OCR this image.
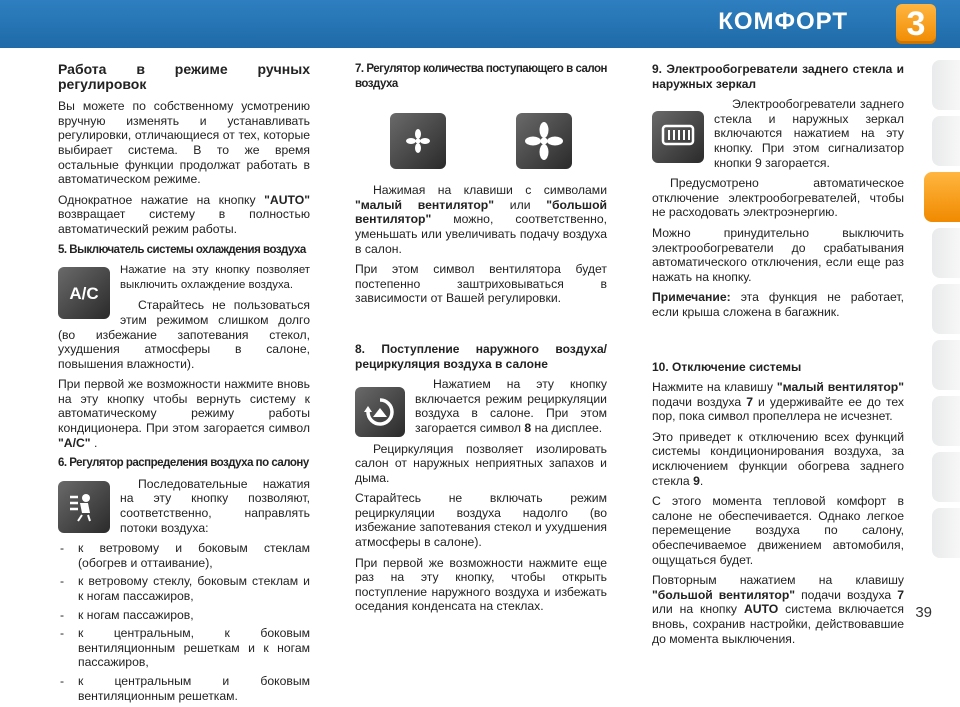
КОМФОРТ	3
Работа в режиме ручных регулировок

Вы можете по собственному усмотрению вручную изменять и устанавливать регулировки, отличающиеся от тех, которые выбирает система. В то же время остальные функции продолжат работать в автоматическом режиме.

Однократное нажатие на кнопку "AUTO" возвращает систему в полностью автоматический режим работы.

5. Выключатель системы охлаждения воздуха
A/C

Нажатие на эту кнопку позволяет выключить охлаждение воздуха.

Старайтесь не пользоваться этим режимом слишком долго (во избежание запотевания стекол, ухудшения атмосферы в салоне, повышения влажности).

При первой же возможности нажмите вновь на эту кнопку чтобы вернуть систему к автоматическому режиму работы кондиционера. При этом загорается символ "A/C" .

6. Регулятор распределения воздуха по салону

Последовательные нажатия на эту кнопку позволяют, соответственно, направлять потоки воздуха:

- к ветровому и боковым стеклам (обогрев и оттаивание),
- к ветровому стеклу, боковым стеклам и к ногам пассажиров,
- к ногам пассажиров,
- к центральным, к боковым вентиляционным решеткам и к ногам пассажиров,
- к центральным и боковым вентиляционным решеткам.
7. Регулятор количества поступающего в салон воздуха

Нажимая на клавиши с символами "малый вентилятор" или "большой вентилятор" можно, соответственно, уменьшать или увеличивать подачу воздуха в салон.

При этом символ вентилятора будет постепенно заштриховываться в зависимости от Вашей регулировки.

8. Поступление наружного воздуха/рециркуляция воздуха в салоне

Нажатием на эту кнопку включается режим рециркуляции воздуха в салоне. При этом загорается символ 8 на дисплее.

Рециркуляция позволяет изолировать салон от наружных неприятных запахов и дыма.

Старайтесь не включать режим рециркуляции воздуха надолго (во избежание запотевания стекол и ухудшения атмосферы в салоне).

При первой же возможности нажмите еще раз на эту кнопку, чтобы открыть поступление наружного воздуха и избежать оседания конденсата на стеклах.

9. Электрообогреватели заднего стекла и наружных зеркал

Электрообогреватели заднего стекла и наружных зеркал включаются нажатием на эту кнопку. При этом сигнализатор кнопки 9 загорается.

Предусмотрено автоматическое отключение электрообогревателей, чтобы не расходовать электроэнергию.

Можно принудительно выключить электрообогреватели до срабатывания автоматического отключения, если еще раз нажать на кнопку.

Примечание: эта функция не работает, если крыша сложена в багажник.

10. Отключение системы

Нажмите на клавишу "малый вентилятор" подачи воздуха 7 и удерживайте ее до тех пор, пока символ пропеллера не исчезнет.

Это приведет к отключению всех функций системы кондиционирования воздуха, за исключением функции обогрева заднего стекла 9.

С этого момента тепловой комфорт в салоне не обеспечивается. Однако легкое перемещение воздуха по салону, обеспечиваемое движением автомобиля, ощущаться будет.

Повторным нажатием на клавишу "большой вентилятор" подачи воздуха 7 или на кнопку AUTO система включается вновь, сохранив настройки, действовавшие до момента выключения.

39
